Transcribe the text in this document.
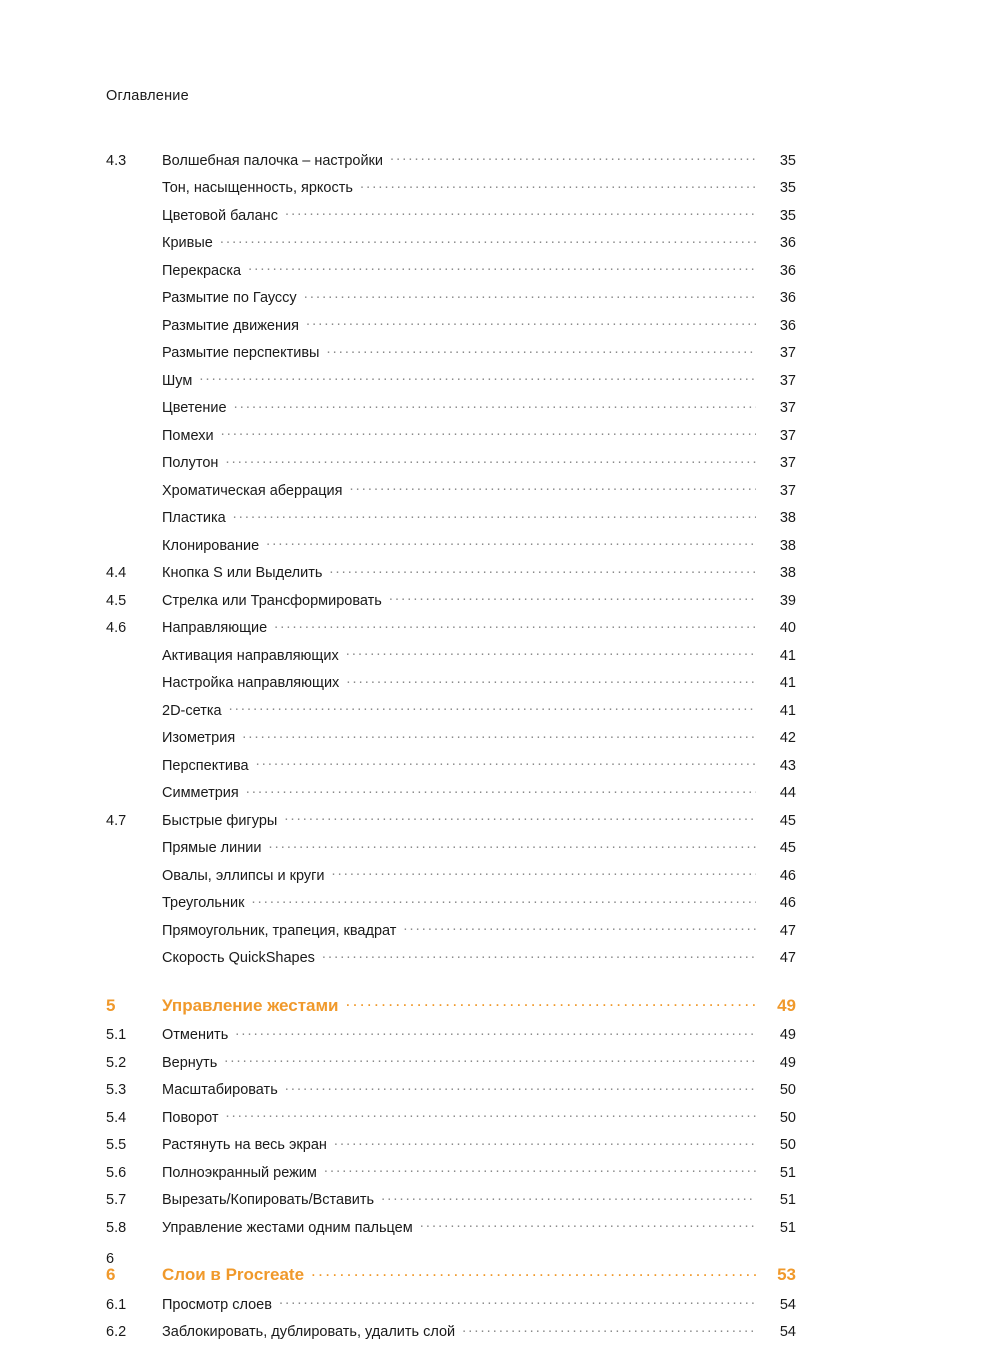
Оглавление
4.3	Волшебная палочка – настройки .....	35
Тон, насыщенность, яркость .....	35
Цветовой баланс .....	35
Кривые .....	36
Перекраска .....	36
Размытие по Гауссу .....	36
Размытие движения .....	36
Размытие перспективы .....	37
Шум .....	37
Цветение .....	37
Помехи .....	37
Полутон .....	37
Хроматическая аберрация .....	37
Пластика .....	38
Клонирование .....	38
4.4	Кнопка S или Выделить .....	38
4.5	Стрелка или Трансформировать .....	39
4.6	Направляющие .....	40
Активация направляющих .....	41
Настройка направляющих .....	41
2D-сетка .....	41
Изометрия .....	42
Перспектива .....	43
Симметрия .....	44
4.7	Быстрые фигуры .....	45
Прямые линии .....	45
Овалы, эллипсы и круги .....	46
Треугольник .....	46
Прямоугольник, трапеция, квадрат .....	47
Скорость QuickShapes .....	47
5	Управление жестами .....	49
5.1	Отменить .....	49
5.2	Вернуть .....	49
5.3	Масштабировать .....	50
5.4	Поворот .....	50
5.5	Растянуть на весь экран .....	50
5.6	Полноэкранный режим .....	51
5.7	Вырезать/Копировать/Вставить .....	51
5.8	Управление жестами одним пальцем .....	51
6	Слои в Procreate .....	53
6.1	Просмотр слоев .....	54
6.2	Заблокировать, дублировать, удалить слой .....	54
6
